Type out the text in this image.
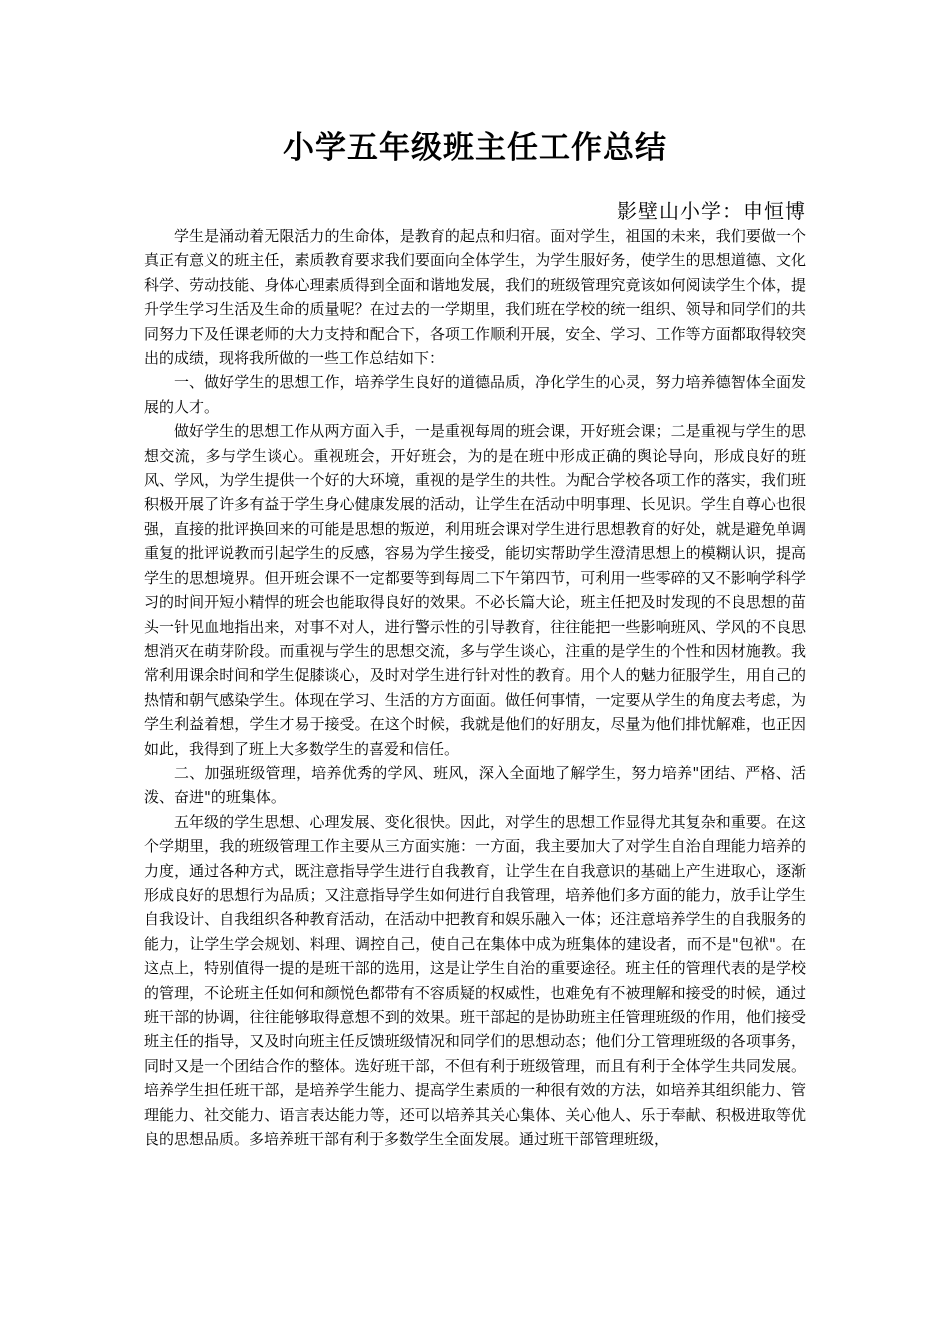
小学五年级班主任工作总结
影壁山小学：申恒博

学生是涌动着无限活力的生命体，是教育的起点和归宿。面对学生，祖国的未来，我们要做一个真正有意义的班主任，素质教育要求我们要面向全体学生，为学生服好务，使学生的思想道德、文化科学、劳动技能、身体心理素质得到全面和谐地发展，我们的班级管理究竟该如何阅读学生个体，提升学生学习生活及生命的质量呢？在过去的一学期里，我们班在学校的统一组织、领导和同学们的共同努力下及任课老师的大力支持和配合下，各项工作顺利开展，安全、学习、工作等方面都取得较突出的成绩，现将我所做的一些工作总结如下：

一、做好学生的思想工作，培养学生良好的道德品质，净化学生的心灵，努力培养德智体全面发展的人才。

做好学生的思想工作从两方面入手，一是重视每周的班会课，开好班会课；二是重视与学生的思想交流，多与学生谈心。重视班会，开好班会，为的是在班中形成正确的舆论导向，形成良好的班风、学风，为学生提供一个好的大环境，重视的是学生的共性。为配合学校各项工作的落实，我们班积极开展了许多有益于学生身心健康发展的活动，让学生在活动中明事理、长见识。学生自尊心也很强，直接的批评换回来的可能是思想的叛逆，利用班会课对学生进行思想教育的好处，就是避免单调重复的批评说教而引起学生的反感，容易为学生接受，能切实帮助学生澄清思想上的模糊认识，提高学生的思想境界。但开班会课不一定都要等到每周二下午第四节，可利用一些零碎的又不影响学科学习的时间开短小精悍的班会也能取得良好的效果。不必长篇大论，班主任把及时发现的不良思想的苗头一针见血地指出来，对事不对人，进行警示性的引导教育，往往能把一些影响班风、学风的不良思想消灭在萌芽阶段。而重视与学生的思想交流，多与学生谈心，注重的是学生的个性和因材施教。我常利用课余时间和学生促膝谈心，及时对学生进行针对性的教育。用个人的魅力征服学生，用自己的热情和朝气感染学生。体现在学习、生活的方方面面。做任何事情，一定要从学生的角度去考虑，为学生利益着想，学生才易于接受。在这个时候，我就是他们的好朋友，尽量为他们排忧解难，也正因如此，我得到了班上大多数学生的喜爱和信任。

二、加强班级管理，培养优秀的学风、班风，深入全面地了解学生，努力培养"团结、严格、活泼、奋进"的班集体。

五年级的学生思想、心理发展、变化很快。因此，对学生的思想工作显得尤其复杂和重要。在这个学期里，我的班级管理工作主要从三方面实施：一方面，我主要加大了对学生自治自理能力培养的力度，通过各种方式，既注意指导学生进行自我教育，让学生在自我意识的基础上产生进取心，逐渐形成良好的思想行为品质；又注意指导学生如何进行自我管理，培养他们多方面的能力，放手让学生自我设计、自我组织各种教育活动，在活动中把教育和娱乐融入一体；还注意培养学生的自我服务的能力，让学生学会规划、料理、调控自己，使自己在集体中成为班集体的建设者，而不是"包袱"。在这点上，特别值得一提的是班干部的选用，这是让学生自治的重要途径。班主任的管理代表的是学校的管理，不论班主任如何和颜悦色都带有不容质疑的权威性，也难免有不被理解和接受的时候，通过班干部的协调，往往能够取得意想不到的效果。班干部起的是协助班主任管理班级的作用，他们接受班主任的指导，又及时向班主任反馈班级情况和同学们的思想动态；他们分工管理班级的各项事务，同时又是一个团结合作的整体。选好班干部，不但有利于班级管理，而且有利于全体学生共同发展。培养学生担任班干部，是培养学生能力、提高学生素质的一种很有效的方法，如培养其组织能力、管理能力、社交能力、语言表达能力等，还可以培养其关心集体、关心他人、乐于奉献、积极进取等优良的思想品质。多培养班干部有利于多数学生全面发展。通过班干部管理班级，
